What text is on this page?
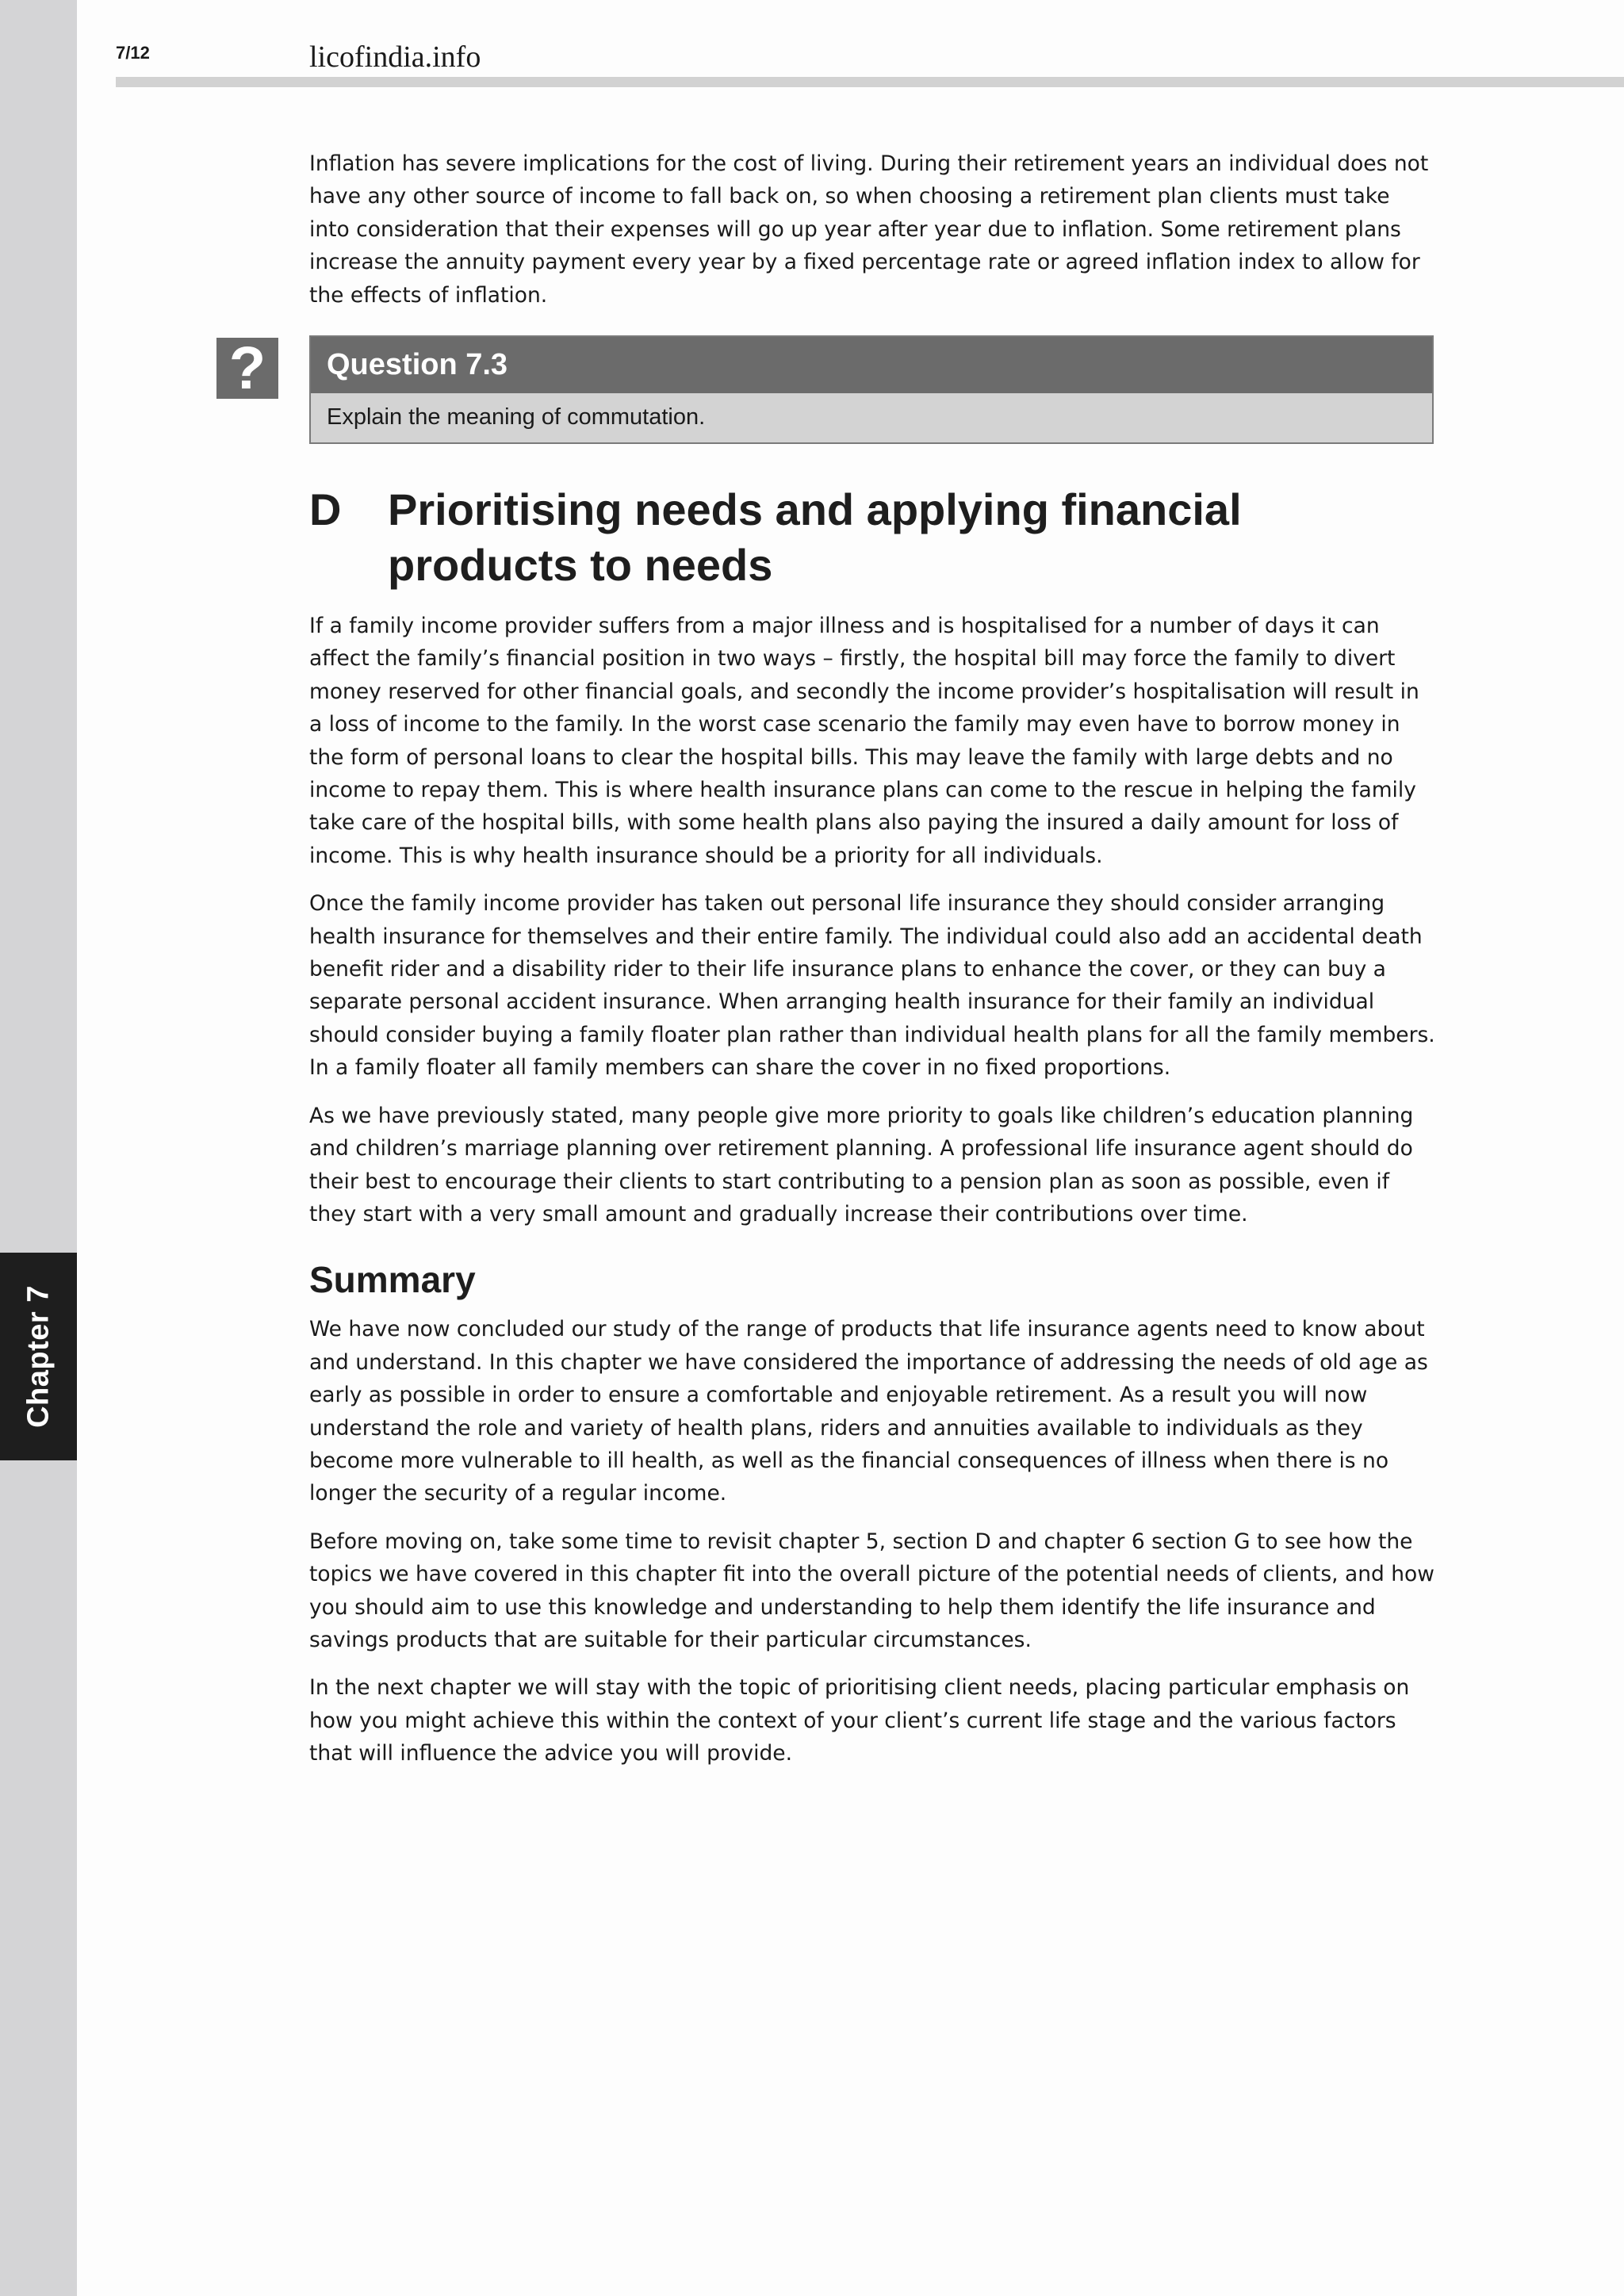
Chapter 7
7/12	licofindia.info

Inflation has severe implications for the cost of living. During their retirement years an individual does not have any other source of income to fall back on, so when choosing a retirement plan clients must take into consideration that their expenses will go up year after year due to inflation. Some retirement plans increase the annuity payment every year by a fixed percentage rate or agreed inflation index to allow for the effects of inflation.

?	Question 7.3
Explain the meaning of commutation.
D Prioritising needs and applying financial products to needs

If a family income provider suffers from a major illness and is hospitalised for a number of days it can affect the family’s financial position in two ways – firstly, the hospital bill may force the family to divert money reserved for other financial goals, and secondly the income provider’s hospitalisation will result in a loss of income to the family. In the worst case scenario the family may even have to borrow money in the form of personal loans to clear the hospital bills. This may leave the family with large debts and no income to repay them. This is where health insurance plans can come to the rescue in helping the family take care of the hospital bills, with some health plans also paying the insured a daily amount for loss of income. This is why health insurance should be a priority for all individuals.

Once the family income provider has taken out personal life insurance they should consider arranging health insurance for themselves and their entire family. The individual could also add an accidental death benefit rider and a disability rider to their life insurance plans to enhance the cover, or they can buy a separate personal accident insurance. When arranging health insurance for their family an individual should consider buying a family floater plan rather than individual health plans for all the family members. In a family floater all family members can share the cover in no fixed proportions.

As we have previously stated, many people give more priority to goals like children’s education planning and children’s marriage planning over retirement planning. A professional life insurance agent should do their best to encourage their clients to start contributing to a pension plan as soon as possible, even if they start with a very small amount and gradually increase their contributions over time.

Summary

We have now concluded our study of the range of products that life insurance agents need to know about and understand. In this chapter we have considered the importance of addressing the needs of old age as early as possible in order to ensure a comfortable and enjoyable retirement. As a result you will now understand the role and variety of health plans, riders and annuities available to individuals as they become more vulnerable to ill health, as well as the financial consequences of illness when there is no longer the security of a regular income.

Before moving on, take some time to revisit chapter 5, section D and chapter 6 section G to see how the topics we have covered in this chapter fit into the overall picture of the potential needs of clients, and how you should aim to use this knowledge and understanding to help them identify the life insurance and savings products that are suitable for their particular circumstances.

In the next chapter we will stay with the topic of prioritising client needs, placing particular emphasis on how you might achieve this within the context of your client’s current life stage and the various factors that will influence the advice you will provide.
